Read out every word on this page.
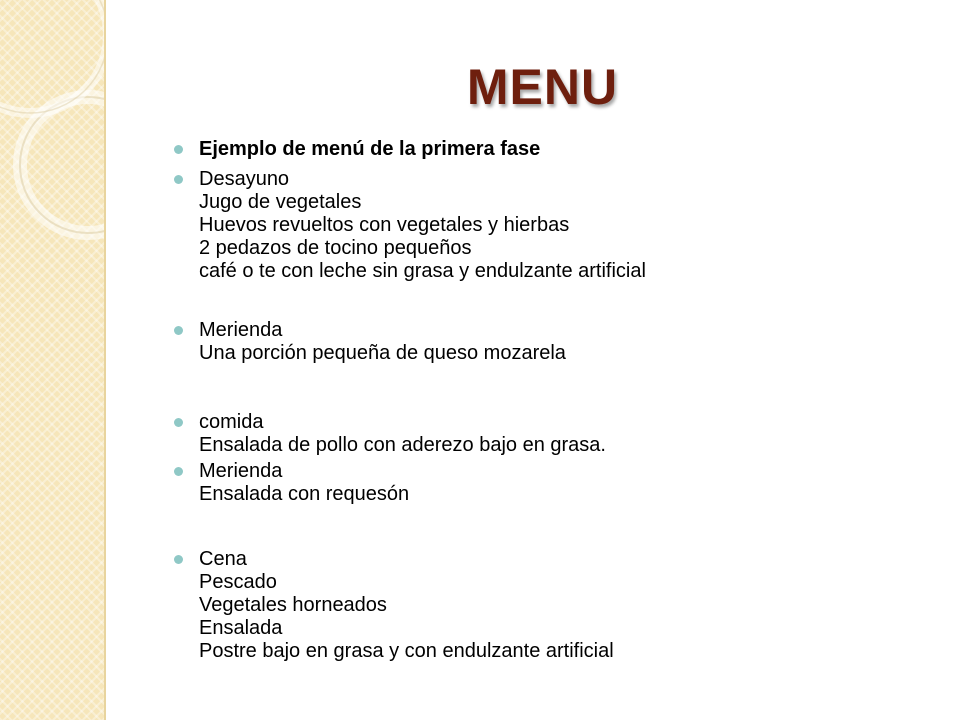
MENU
Ejemplo de menú de la primera fase
Desayuno
Jugo de vegetales
Huevos revueltos con vegetales y hierbas
2 pedazos de tocino pequeños
café o te con leche sin grasa y endulzante artificial
Merienda
Una porción pequeña de queso mozarela
comida
Ensalada de pollo con aderezo bajo en grasa.
Merienda
Ensalada con requesón
Cena
Pescado
Vegetales horneados
Ensalada
Postre bajo en grasa y con endulzante artificial
